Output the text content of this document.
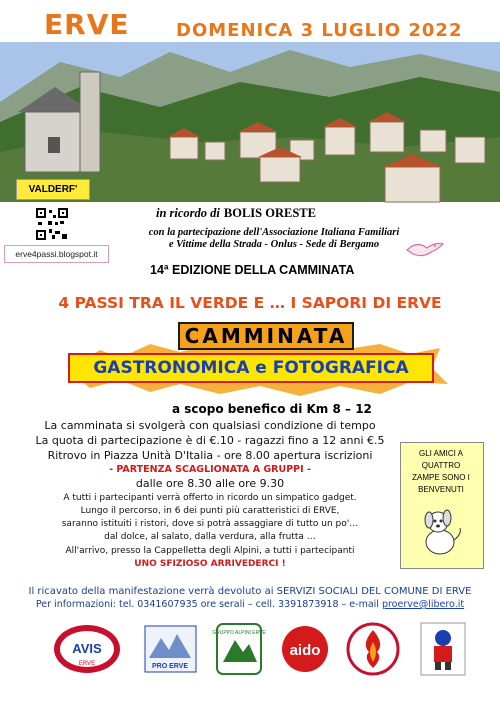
ERVE	DOMENICA 3 LUGLIO 2022
VALDERF'
erve4passi.blogspot.it
in ricordo di BOLIS ORESTE
con la partecipazione dell'Associazione Italiana Familiari
e Vittime della Strada - Onlus - Sede di Bergamo
14ª EDIZIONE DELLA CAMMINATA
4 PASSI TRA IL VERDE E … I SAPORI DI ERVE
CAMMINATA
GASTRONOMICA e FOTOGRAFICA
a scopo benefico di Km 8 – 12
La camminata si svolgerà con qualsiasi condizione di tempo
La quota di partecipazione è di €.10 - ragazzi fino a 12 anni €.5
Ritrovo in Piazza Unità D'Italia - ore 8.00 apertura iscrizioni
- PARTENZA SCAGLIONATA A GRUPPI -
dalle ore 8.30 alle ore 9.30
A tutti i partecipanti verrà offerto in ricordo un simpatico gadget.
Lungo il percorso, in 6 dei punti più caratteristici di ERVE,
saranno istituiti i ristori, dove si potrà assaggiare di tutto un po'…
dal dolce, al salato, dalla verdura, alla frutta …
All'arrivo, presso la Cappelletta degli Alpini, a tutti i partecipanti
UNO SFIZIOSO ARRIVEDERCI !
GLI AMICI A
QUATTRO
ZAMPE SONO I
BENVENUTI
Il ricavato della manifestazione verrà devoluto ai SERVIZI SOCIALI DEL COMUNE DI ERVE
Per informazioni: tel. 0341607935 ore serali – cell. 3391873918 – e-mail proerve@libero.it
AVIS
ERVE	PRO ERVE
GRUPPO ALPINI ERVE
aido
